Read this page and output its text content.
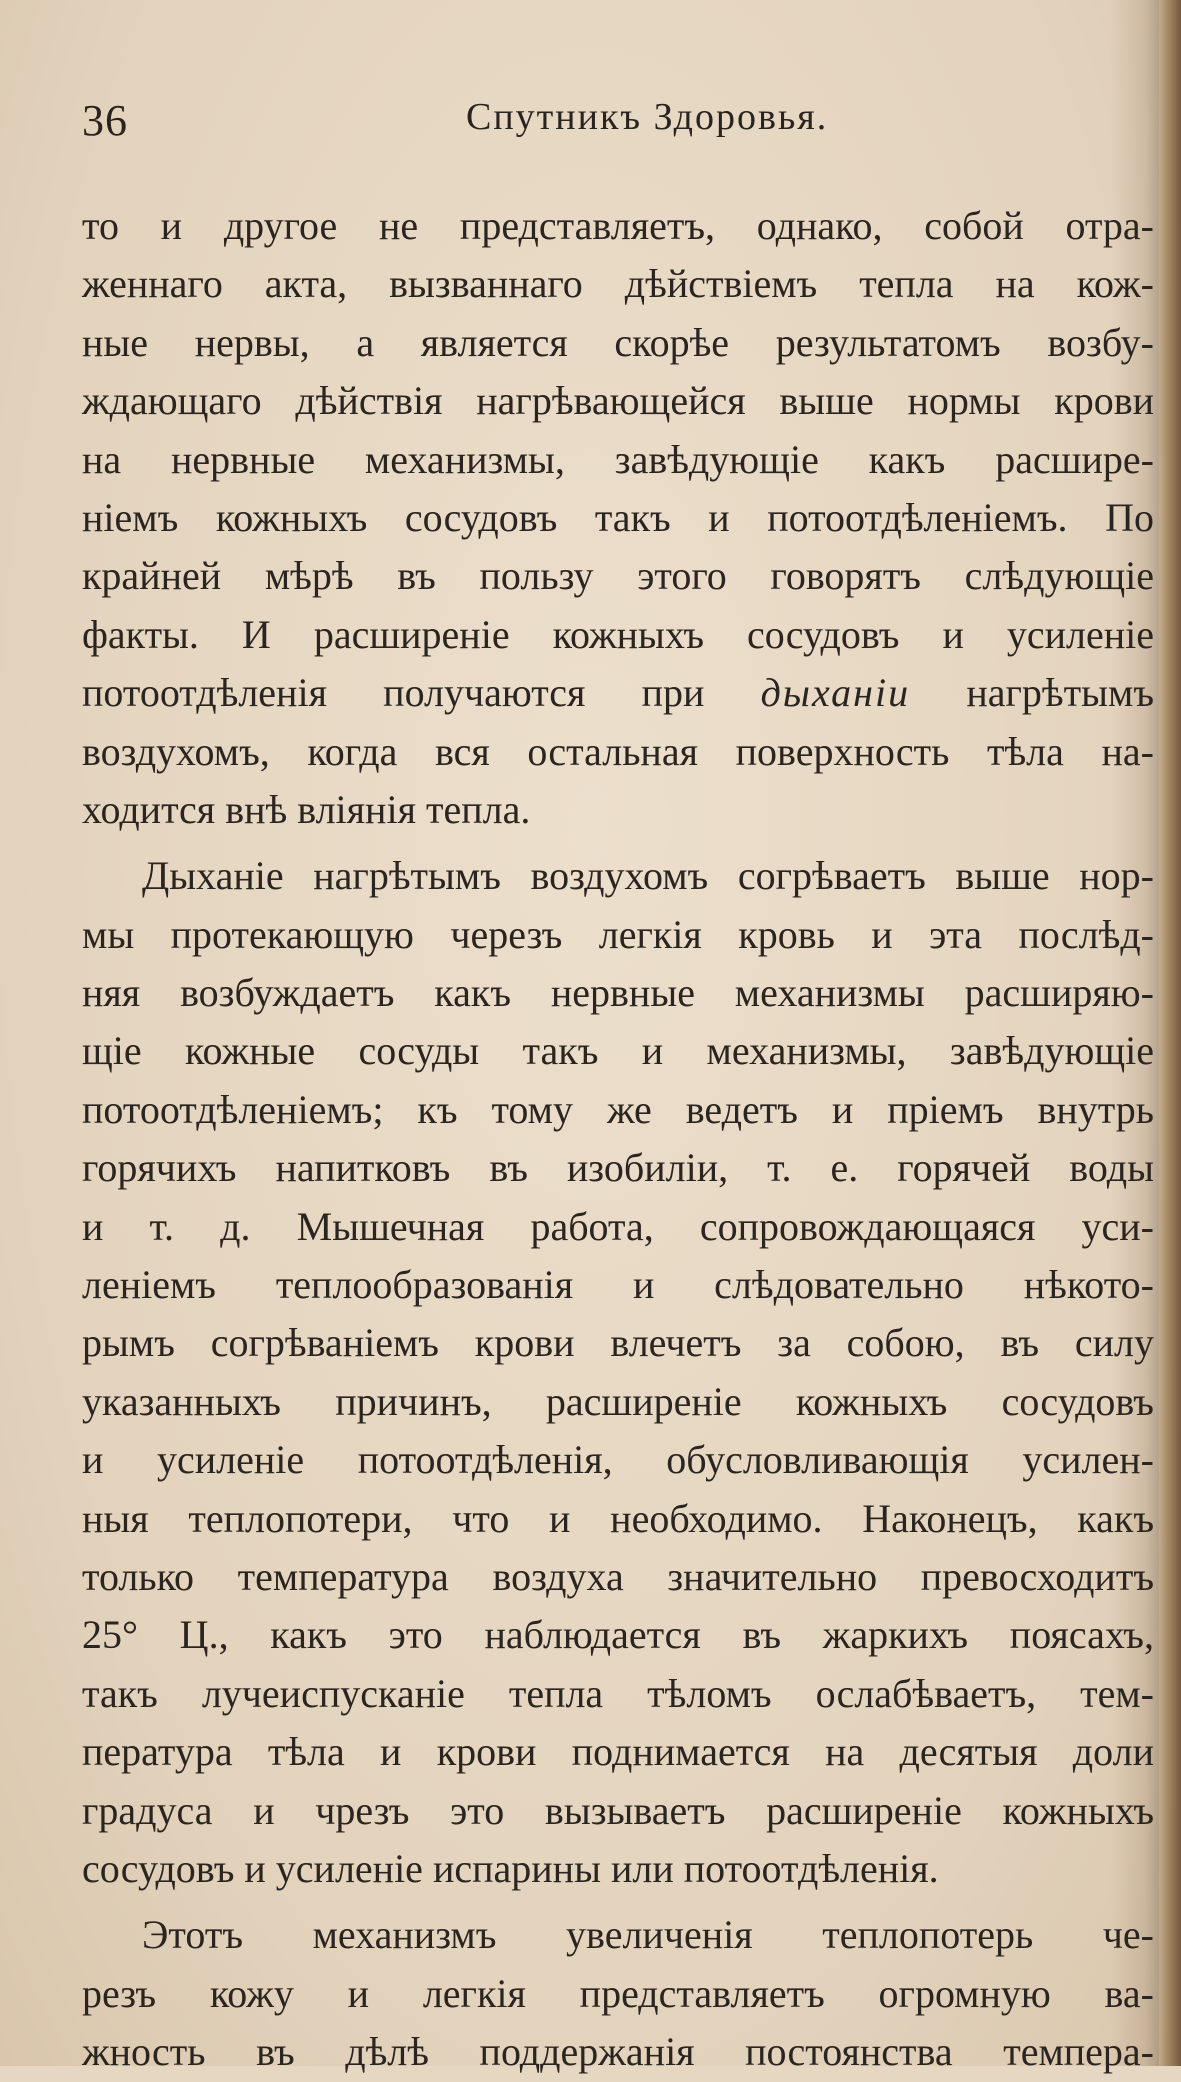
36	Спутникъ Здоровья.
то и другое не представляетъ, однако, собой отра-
женнаго акта, вызваннаго дѣйствіемъ тепла на кож-
ные нервы, а является скорѣе результатомъ возбу-
ждающаго дѣйствія нагрѣвающейся выше нормы крови
на нервные механизмы, завѣдующіе какъ расшире-
ніемъ кожныхъ сосудовъ такъ и потоотдѣленіемъ. По
крайней мѣрѣ въ пользу этого говорятъ слѣдующіе
факты. И расширеніе кожныхъ сосудовъ и усиленіе
потоотдѣленія получаются при дыханіи нагрѣтымъ
воздухомъ, когда вся остальная поверхность тѣла на-
ходится внѣ вліянія тепла.
Дыханіе нагрѣтымъ воздухомъ согрѣваетъ выше нор-
мы протекающую черезъ легкія кровь и эта послѣд-
няя возбуждаетъ какъ нервные механизмы расширяю-
щіе кожные сосуды такъ и механизмы, завѣдующіе
потоотдѣленіемъ; къ тому же ведетъ и пріемъ внутрь
горячихъ напитковъ въ изобиліи, т. е. горячей воды
и т. д. Мышечная работа, сопровождающаяся уси-
леніемъ теплообразованія и слѣдовательно нѣкото-
рымъ согрѣваніемъ крови влечетъ за собою, въ силу
указанныхъ причинъ, расширеніе кожныхъ сосудовъ
и усиленіе потоотдѣленія, обусловливающія усилен-
ныя теплопотери, что и необходимо. Наконецъ, какъ
только температура воздуха значительно превосходитъ
25° Ц., какъ это наблюдается въ жаркихъ поясахъ,
такъ лучеиспусканіе тепла тѣломъ ослабѣваетъ, тем-
пература тѣла и крови поднимается на десятыя доли
градуса и чрезъ это вызываетъ расширеніе кожныхъ
сосудовъ и усиленіе испарины или потоотдѣленія.
Этотъ механизмъ увеличенія теплопотерь че-
резъ кожу и легкія представляетъ огромную ва-
жность въ дѣлѣ поддержанія постоянства темпера-
